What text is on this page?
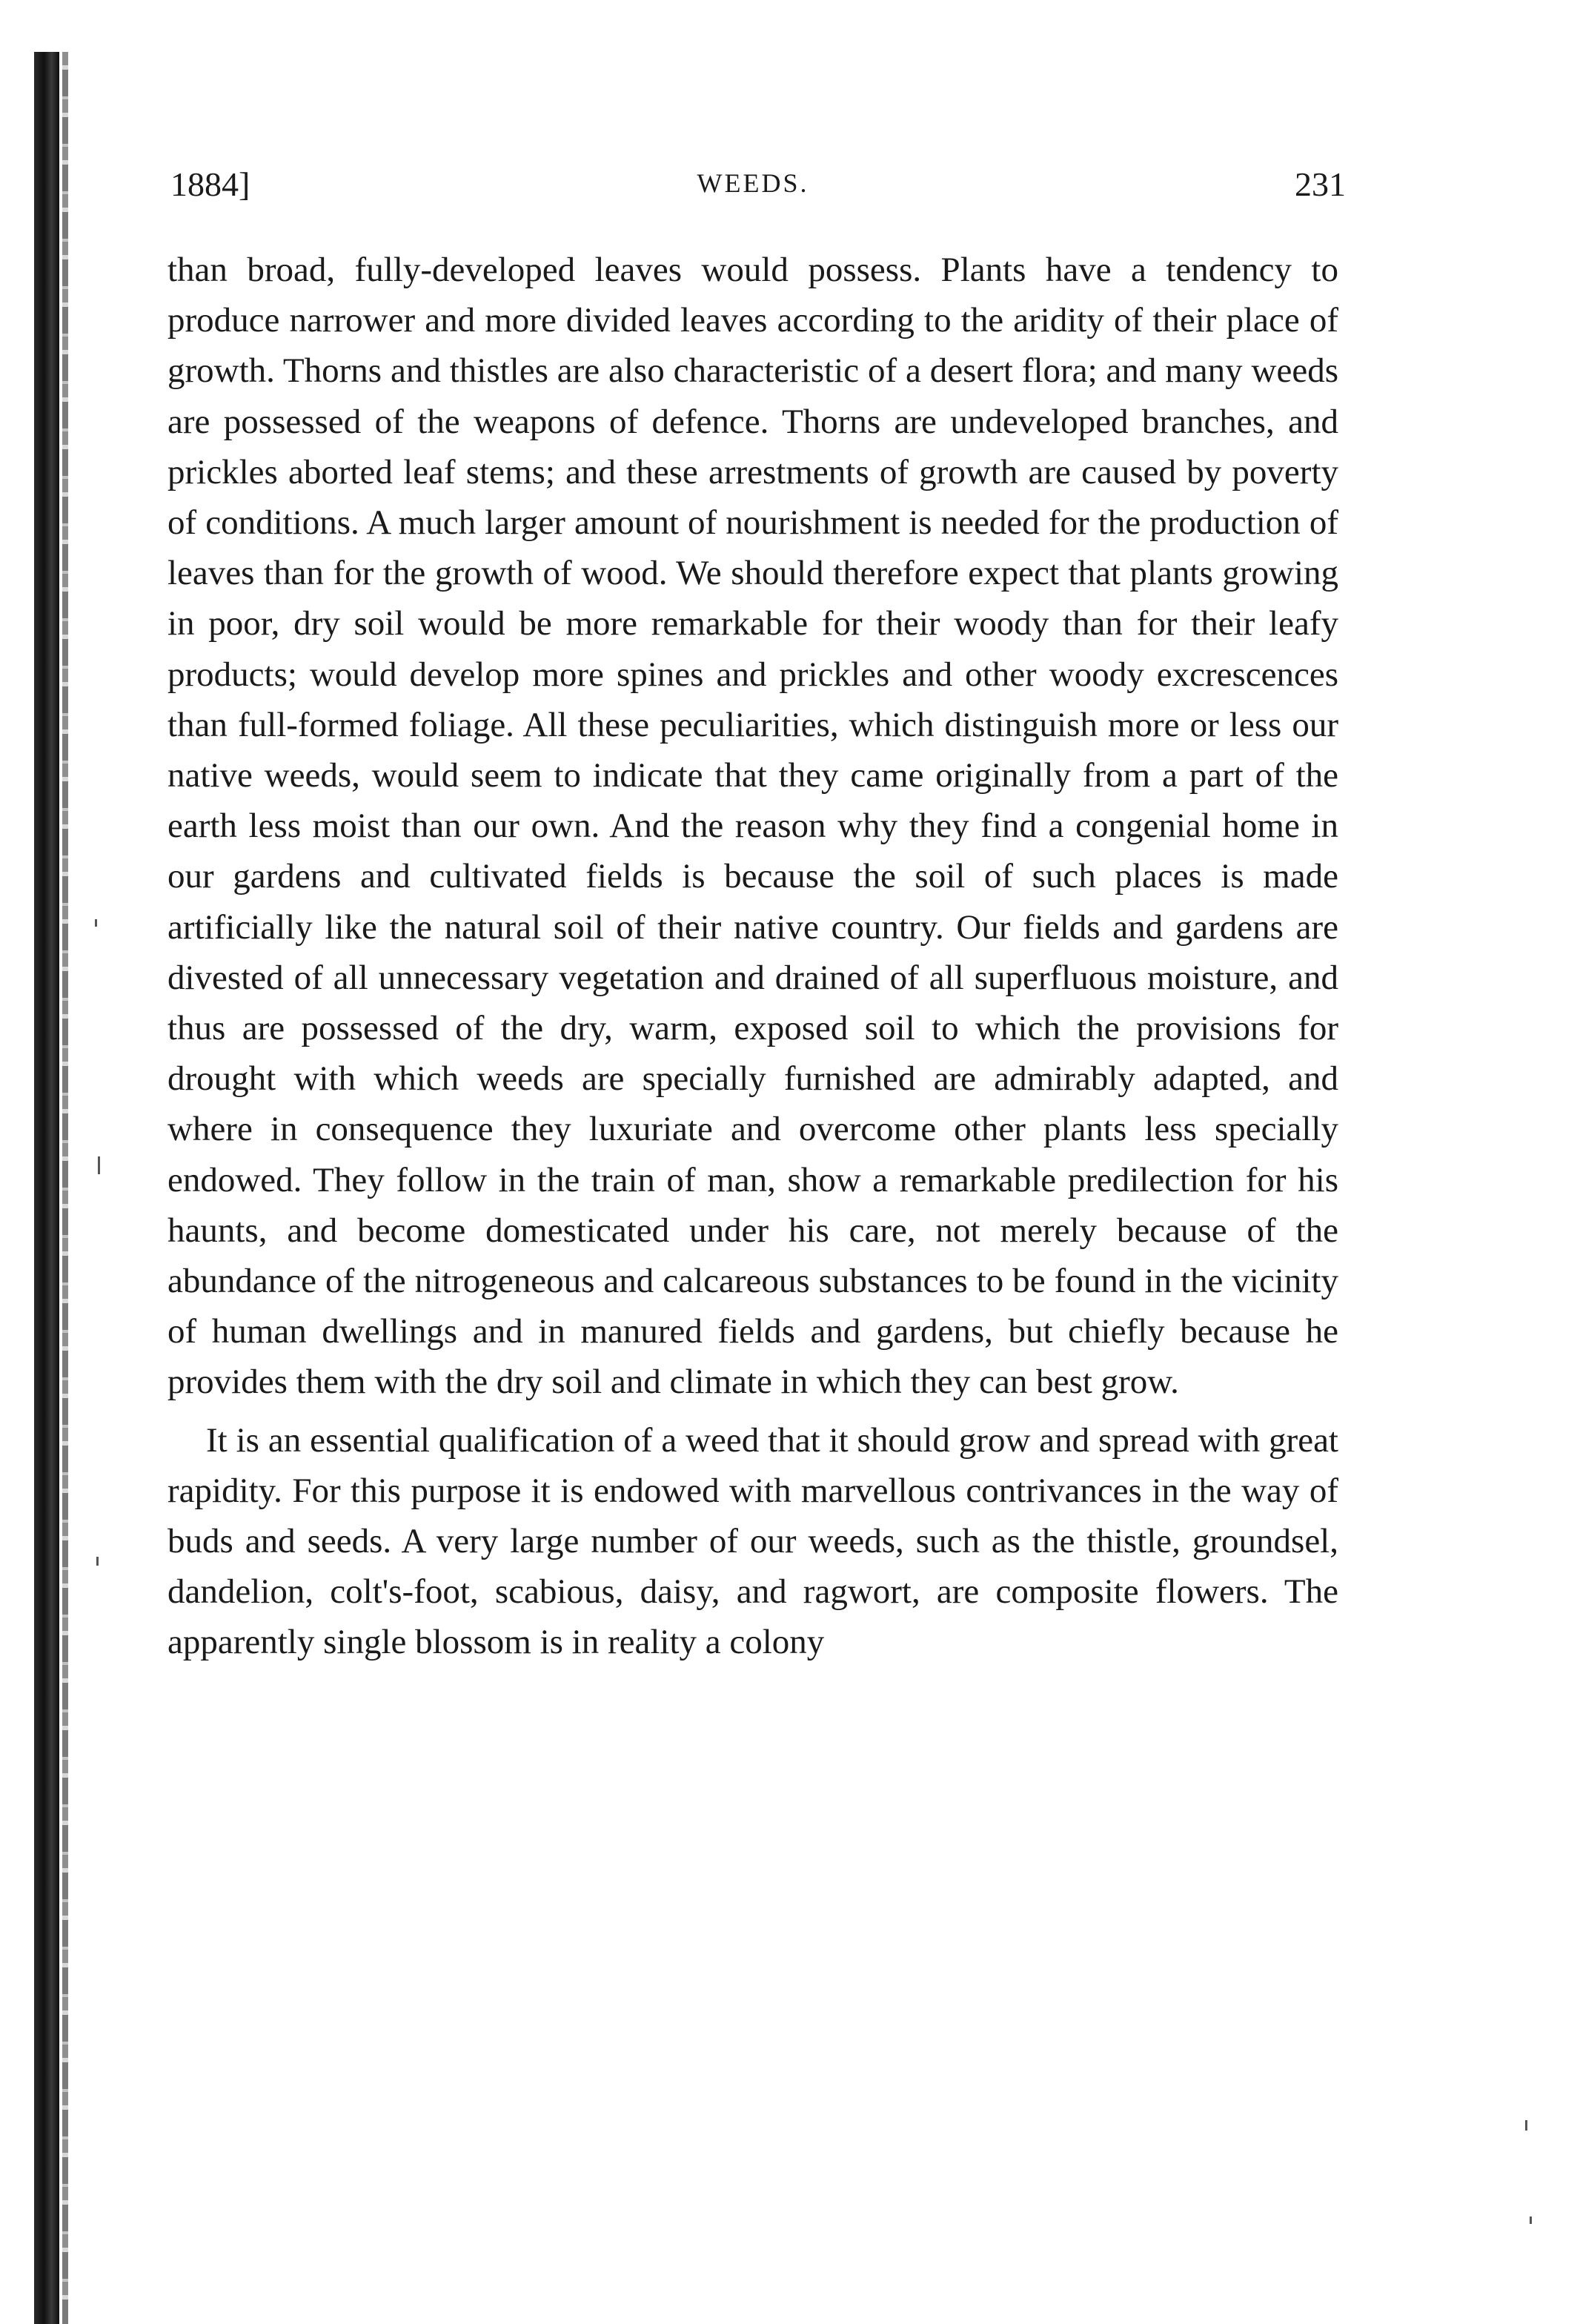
1884]	WEEDS.	231

than broad, fully-developed leaves would possess. Plants have a tendency to produce narrower and more divided leaves according to the aridity of their place of growth. Thorns and thistles are also characteristic of a desert flora; and many weeds are possessed of the weapons of defence. Thorns are undeveloped branches, and prickles aborted leaf stems; and these arrestments of growth are caused by poverty of conditions. A much larger amount of nourishment is needed for the production of leaves than for the growth of wood. We should therefore expect that plants growing in poor, dry soil would be more remarkable for their woody than for their leafy products; would develop more spines and prickles and other woody excrescences than full-formed foliage. All these peculiarities, which distinguish more or less our native weeds, would seem to indicate that they came originally from a part of the earth less moist than our own. And the reason why they find a congenial home in our gardens and cultivated fields is because the soil of such places is made artificially like the natural soil of their native country. Our fields and gardens are divested of all unnecessary vegetation and drained of all superfluous moisture, and thus are possessed of the dry, warm, exposed soil to which the provisions for drought with which weeds are specially furnished are admirably adapted, and where in consequence they luxuriate and overcome other plants less specially endowed. They follow in the train of man, show a remarkable predilection for his haunts, and become domesticated under his care, not merely because of the abundance of the nitrogeneous and calcareous substances to be found in the vicinity of human dwellings and in manured fields and gardens, but chiefly because he provides them with the dry soil and climate in which they can best grow.

It is an essential qualification of a weed that it should grow and spread with great rapidity. For this purpose it is endowed with marvellous contrivances in the way of buds and seeds. A very large number of our weeds, such as the thistle, groundsel, dandelion, colt's-foot, scabious, daisy, and ragwort, are composite flowers. The apparently single blossom is in reality a colony
